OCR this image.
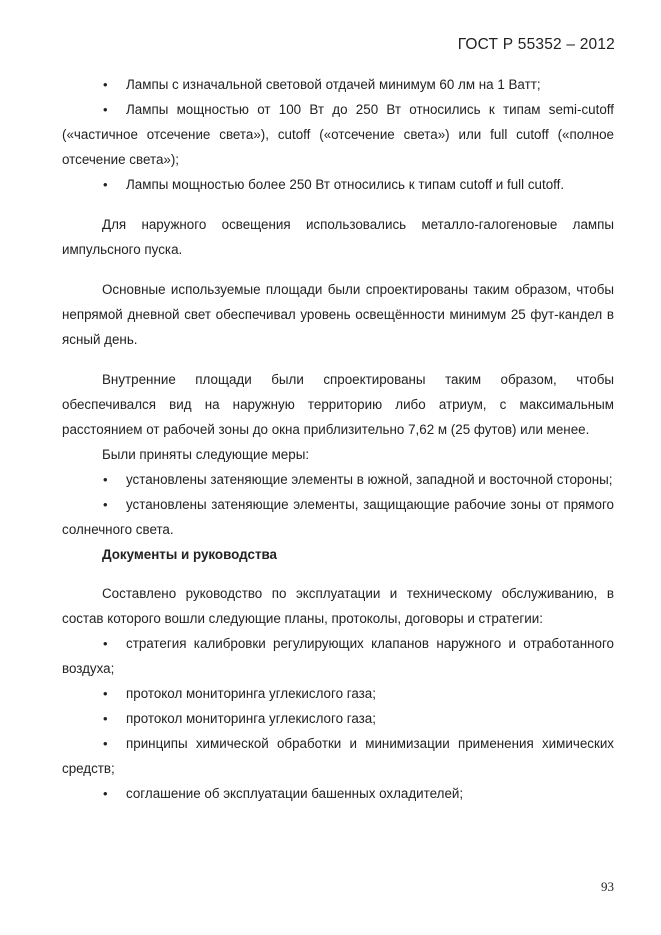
ГОСТ Р 55352 – 2012
• Лампы с изначальной световой отдачей минимум 60 лм на 1 Ватт;
• Лампы мощностью от 100 Вт до 250 Вт относились к типам semi-cutoff («частичное отсечение света»), cutoff («отсечение света») или full cutoff («полное отсечение света»);
• Лампы мощностью более 250 Вт относились к типам cutoff и full cutoff.

Для наружного освещения использовались металло-галогеновые лампы импульсного пуска.

Основные используемые площади были спроектированы таким образом, чтобы непрямой дневной свет обеспечивал уровень освещённости минимум 25 фут-кандел в ясный день.

Внутренние площади были спроектированы таким образом, чтобы обеспечивался вид на наружную территорию либо атриум, с максимальным расстоянием от рабочей зоны до окна приблизительно 7,62 м (25 футов) или менее.

Были приняты следующие меры:

• установлены затеняющие элементы в южной, западной и восточной стороны;
• установлены затеняющие элементы, защищающие рабочие зоны от прямого солнечного света.

Документы и руководства

Составлено руководство по эксплуатации и техническому обслуживанию, в состав которого вошли следующие планы, протоколы, договоры и стратегии:

• стратегия калибровки регулирующих клапанов наружного и отработанного воздуха;
• протокол мониторинга углекислого газа;
• протокол мониторинга углекислого газа;
• принципы химической обработки и минимизации применения химических средств;
• соглашение об эксплуатации башенных охладителей;
93
